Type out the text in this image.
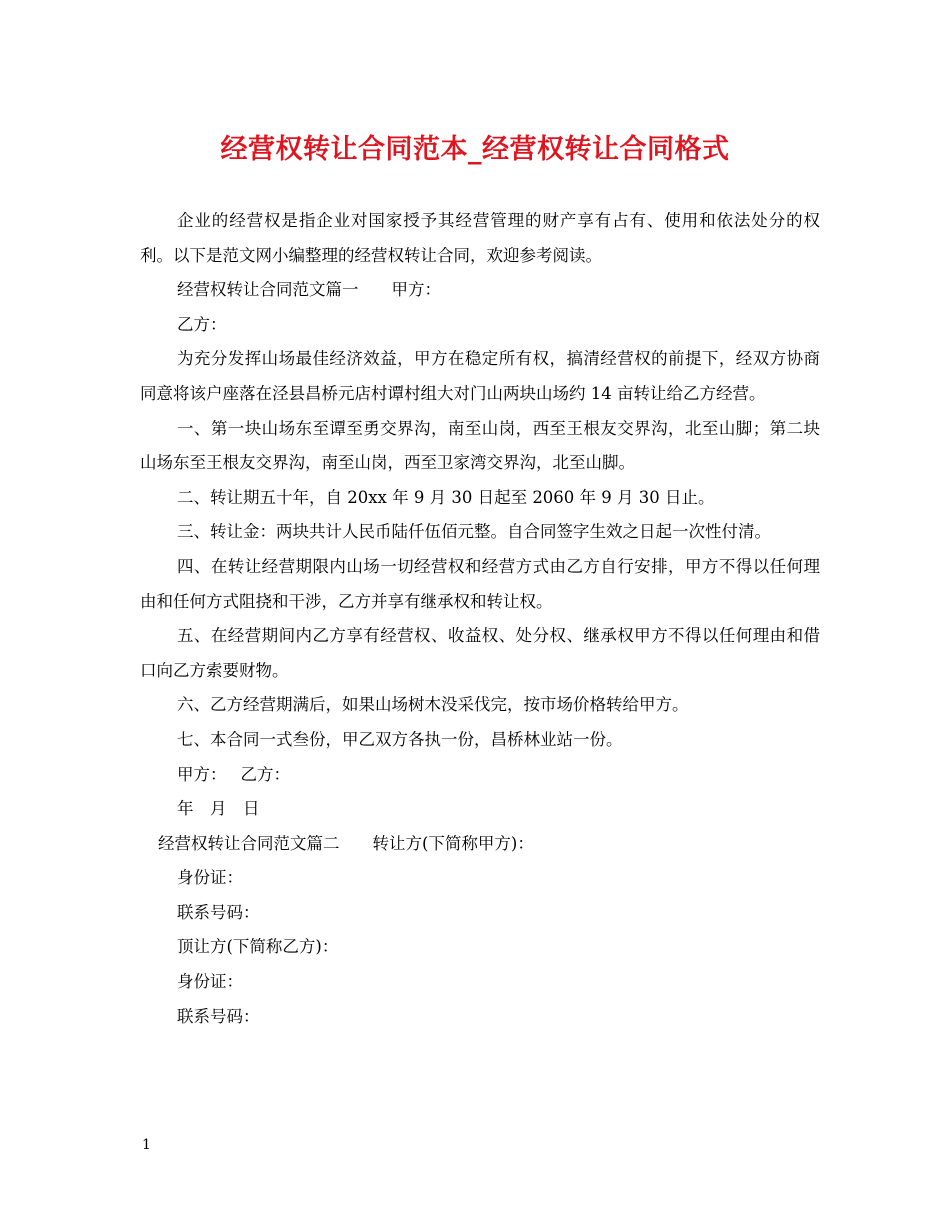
经营权转让合同范本_经营权转让合同格式

企业的经营权是指企业对国家授予其经营管理的财产享有占有、使用和依法处分的权利。以下是范文网小编整理的经营权转让合同，欢迎参考阅读。

经营权转让合同范文篇一　　甲方：

乙方：

为充分发挥山场最佳经济效益，甲方在稳定所有权，搞清经营权的前提下，经双方协商同意将该户座落在泾县昌桥元店村谭村组大对门山两块山场约 14 亩转让给乙方经营。

一、第一块山场东至谭至勇交界沟，南至山岗，西至王根友交界沟，北至山脚；第二块山场东至王根友交界沟，南至山岗，西至卫家湾交界沟，北至山脚。

二、转让期五十年，自 20xx 年 9 月 30 日起至 2060 年 9 月 30 日止。

三、转让金：两块共计人民币陆仟伍佰元整。自合同签字生效之日起一次性付清。

四、在转让经营期限内山场一切经营权和经营方式由乙方自行安排，甲方不得以任何理由和任何方式阻挠和干涉，乙方并享有继承权和转让权。

五、在经营期间内乙方享有经营权、收益权、处分权、继承权甲方不得以任何理由和借口向乙方索要财物。

六、乙方经营期满后，如果山场树木没采伐完，按市场价格转给甲方。

七、本合同一式叁份，甲乙双方各执一份，昌桥林业站一份。

甲方： 乙方：

年　月　日

经营权转让合同范文篇二　　转让方(下简称甲方)：

身份证：

联系号码：

顶让方(下简称乙方)：

身份证：

联系号码：

1
